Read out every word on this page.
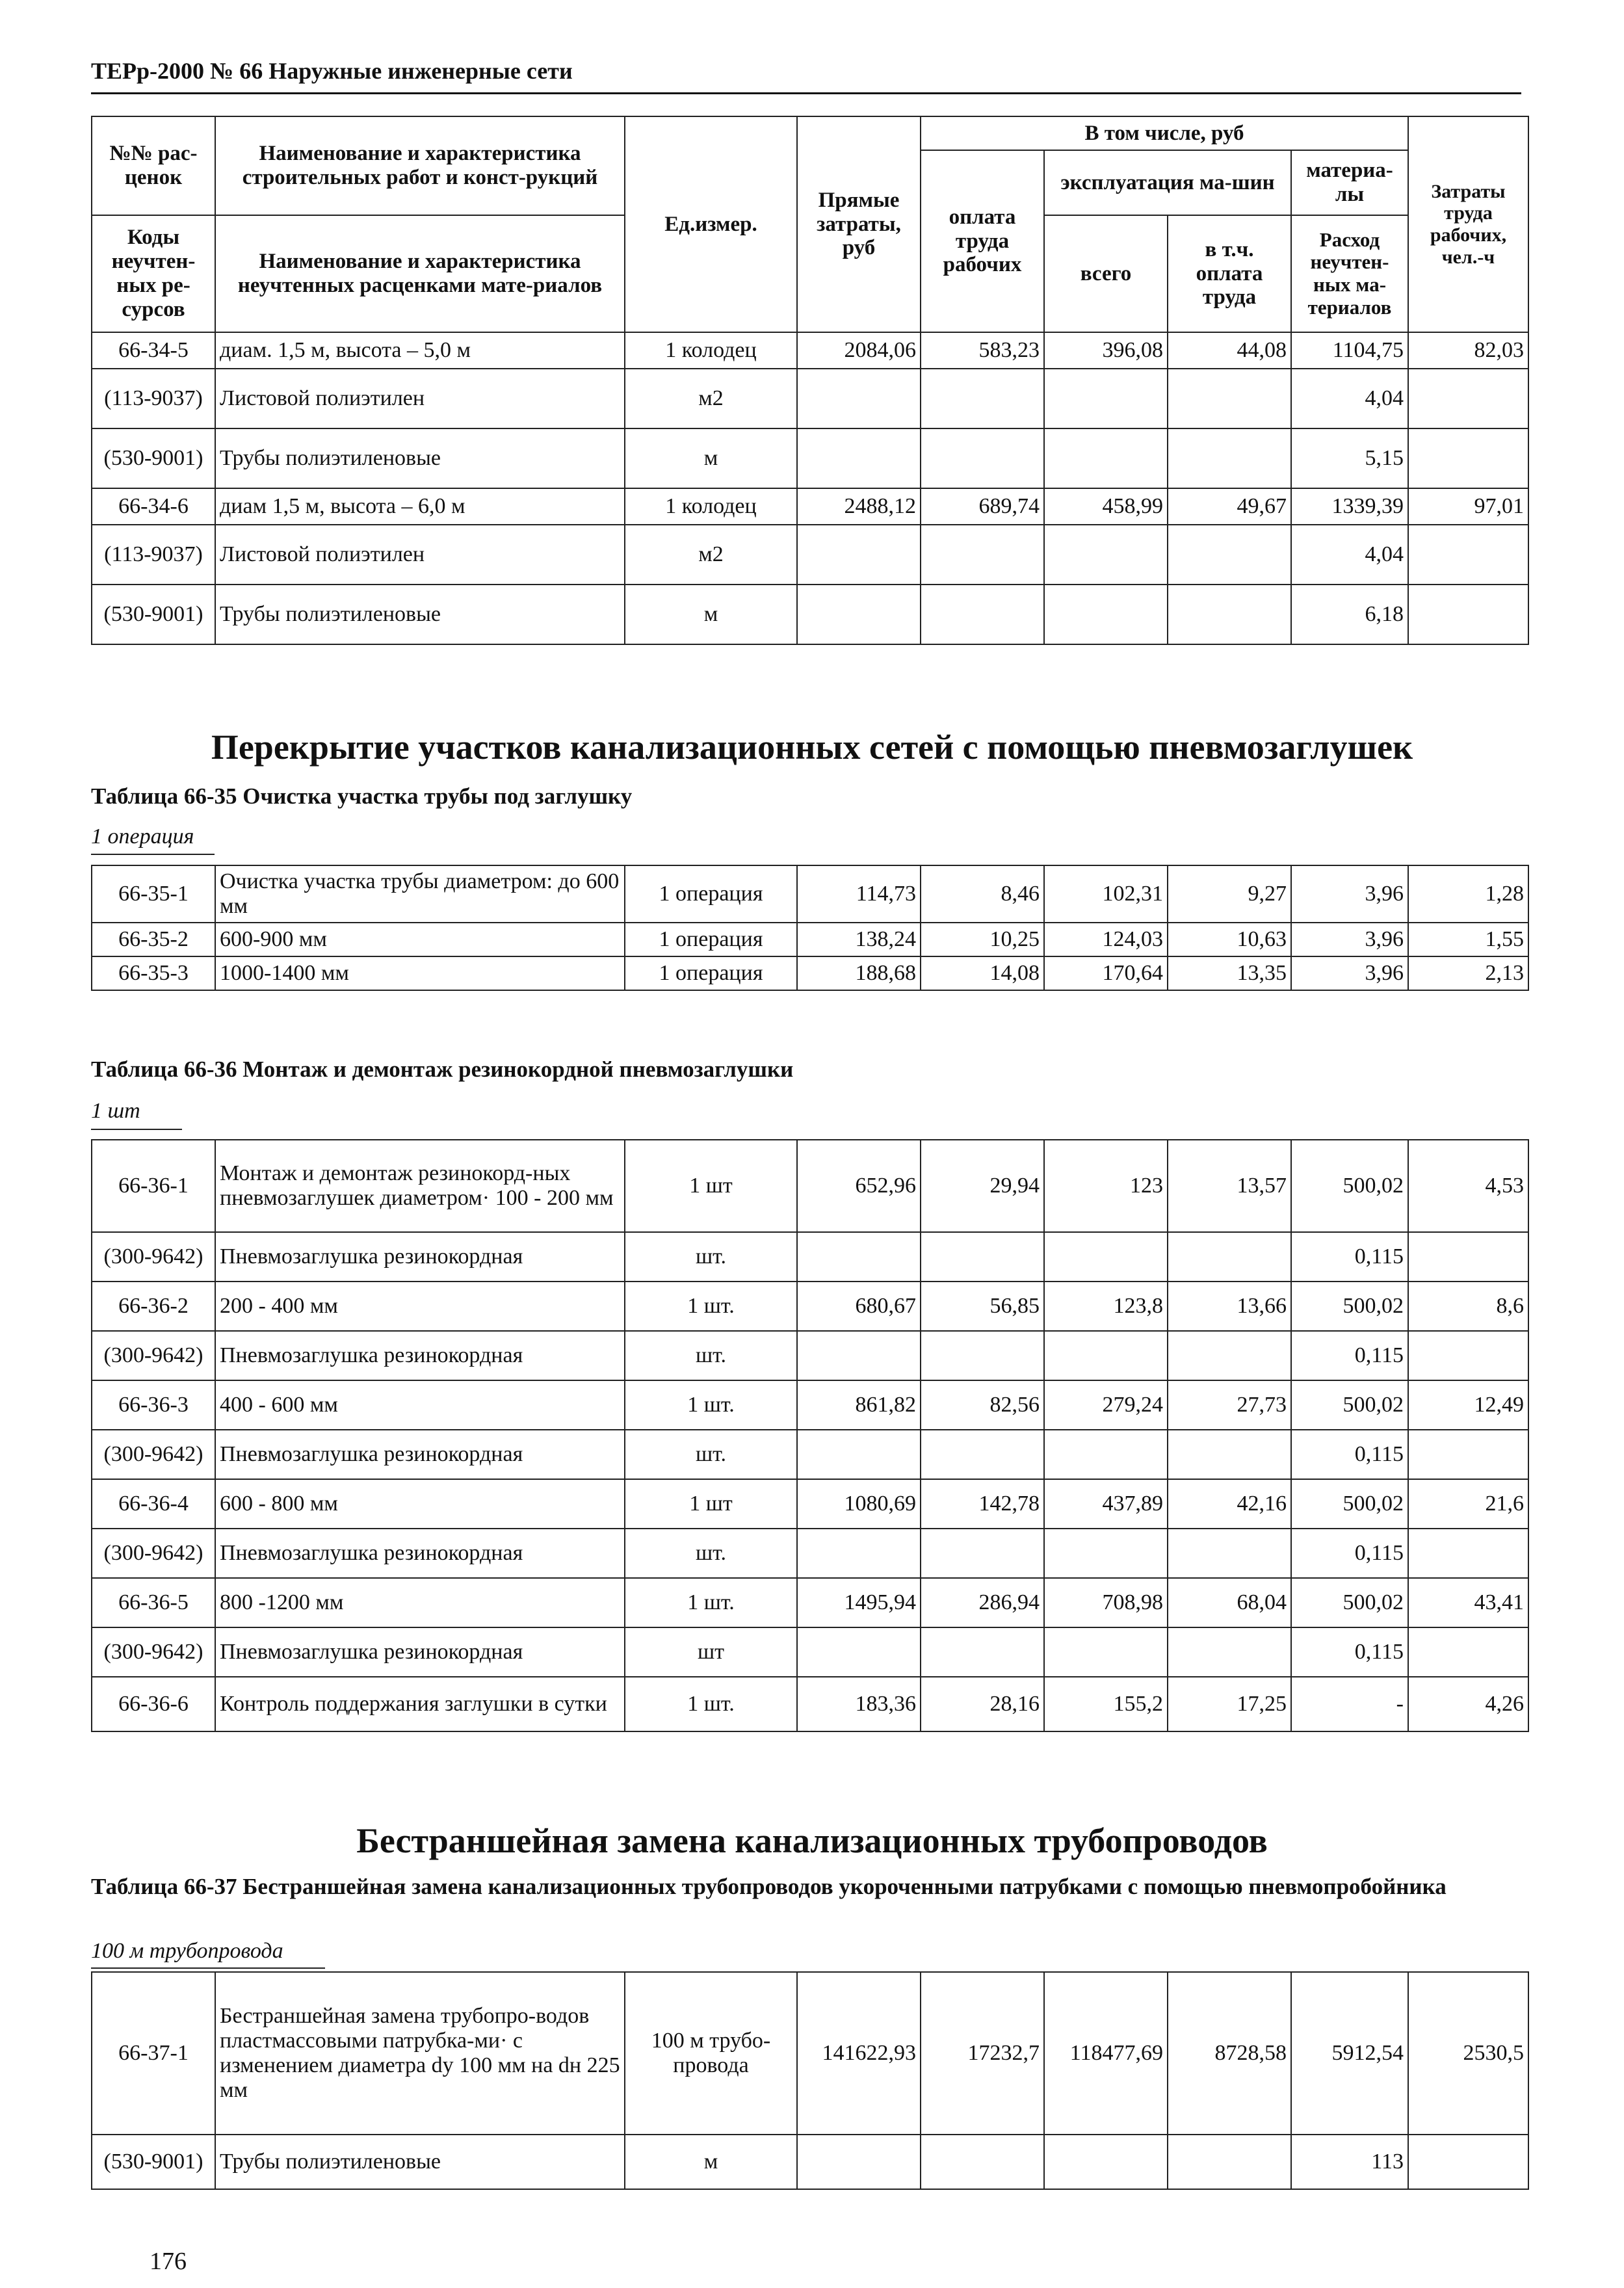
ТЕРр-2000 № 66 Наружные инженерные сети
№№ рас-ценок	Наименование и характеристика строительных работ и конст-рукций	Ед.измер.	Прямые затраты, руб	В том числе, руб				Затраты труда рабочих, чел.-ч
				оплата труда рабочих	эксплуатация ма-шин		материа-лы	

Коды неучтен-ных ре-сурсов	Наименование и характеристика неучтенных расценками мате-риалов				всего	в т.ч. оплата труда	Расход неучтен-ных ма-териалов	

66-34-5	диам. 1,5 м, высота – 5,0 м	1 колодец	2084,06	583,23	396,08	44,08	1104,75	82,03
(113-9037)	Листовой полиэтилен	м2					4,04	
(530-9001)	Трубы полиэтиленовые	м					5,15	
66-34-6	диам 1,5 м, высота – 6,0 м	1 колодец	2488,12	689,74	458,99	49,67	1339,39	97,01
(113-9037)	Листовой полиэтилен	м2					4,04	
(530-9001)	Трубы полиэтиленовые	м					6,18	
Перекрытие участков канализационных сетей с помощью пневмозаглушек
Таблица 66-35 Очистка участка трубы под заглушку
1 операция
66-35-1	Очистка участка трубы диаметром: до 600 мм	1 операция	114,73	8,46	102,31	9,27	3,96	1,28
66-35-2	600-900 мм	1 операция	138,24	10,25	124,03	10,63	3,96	1,55
66-35-3	1000-1400 мм	1 операция	188,68	14,08	170,64	13,35	3,96	2,13
Таблица 66-36 Монтаж и демонтаж резинокордной пневмозаглушки
1 шт
66-36-1	Монтаж и демонтаж резинокорд-ных пневмозаглушек диаметром· 100 - 200 мм	1 шт	652,96	29,94	123	13,57	500,02	4,53
(300-9642)	Пневмозаглушка резинокордная	шт.					0,115	
66-36-2	200 - 400 мм	1 шт.	680,67	56,85	123,8	13,66	500,02	8,6
(300-9642)	Пневмозаглушка резинокордная	шт.					0,115	
66-36-3	400 - 600 мм	1 шт.	861,82	82,56	279,24	27,73	500,02	12,49
(300-9642)	Пневмозаглушка резинокордная	шт.					0,115	
66-36-4	600 - 800 мм	1 шт	1080,69	142,78	437,89	42,16	500,02	21,6
(300-9642)	Пневмозаглушка резинокордная	шт.					0,115	
66-36-5	800 -1200 мм	1 шт.	1495,94	286,94	708,98	68,04	500,02	43,41
(300-9642)	Пневмозаглушка резинокордная	шт					0,115	
66-36-6	Контроль поддержания заглушки в сутки	1 шт.	183,36	28,16	155,2	17,25	-	4,26
Бестраншейная замена канализационных трубопроводов
Таблица 66-37 Бестраншейная замена канализационных трубопроводов укороченными патрубками с помощью пневмопробойника
100 м трубопровода
66-37-1	Бестраншейная замена трубопро-водов пластмассовыми патрубка-ми· с изменением диаметра dу 100 мм на dн 225 мм	100 м трубо-провода	141622,93	17232,7	118477,69	8728,58	5912,54	2530,5
(530-9001)	Трубы полиэтиленовые	м					113	
176
